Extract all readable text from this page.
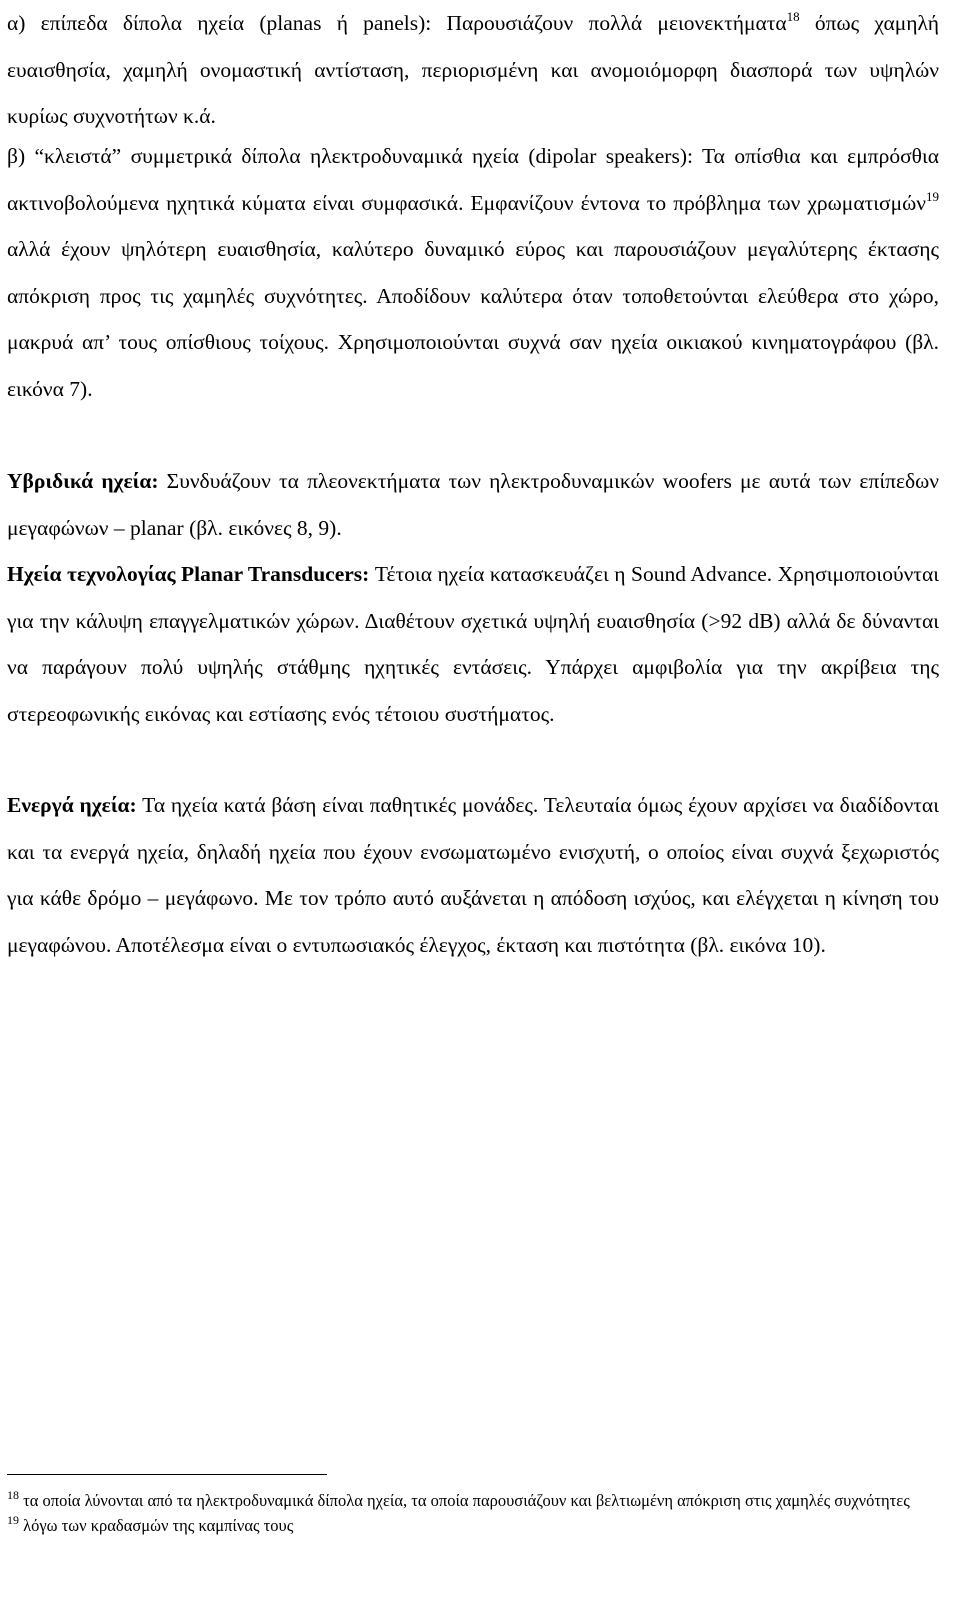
α) επίπεδα δίπολα ηχεία (planas ή panels): Παρουσιάζουν πολλά μειονεκτήματα$^{18}$ όπως χαμηλή ευαισθησία, χαμηλή ονομαστική αντίσταση, περιορισμένη και ανομοιόμορφη διασπορά των υψηλών κυρίως συχνοτήτων κ.ά.

β) “κλειστά” συμμετρικά δίπολα ηλεκτροδυναμικά ηχεία (dipolar speakers): Τα οπίσθια και εμπρόσθια ακτινοβολούμενα ηχητικά κύματα είναι συμφασικά. Εμφανίζουν έντονα το πρόβλημα των χρωματισμών$^{19}$ αλλά έχουν ψηλότερη ευαισθησία, καλύτερο δυναμικό εύρος και παρουσιάζουν μεγαλύτερης έκτασης απόκριση προς τις χαμηλές συχνότητες. Αποδίδουν καλύτερα όταν τοποθετούνται ελεύθερα στο χώρο, μακρυά απ’ τους οπίσθιους τοίχους. Χρησιμοποιούνται συχνά σαν ηχεία οικιακού κινηματογράφου (βλ. εικόνα 7).

Υβριδικά ηχεία: Συνδυάζουν τα πλεονεκτήματα των ηλεκτροδυναμικών woofers με αυτά των επίπεδων μεγαφώνων – planar (βλ. εικόνες 8, 9).

Ηχεία τεχνολογίας Planar Transducers: Τέτοια ηχεία κατασκευάζει η Sound Advance. Χρησιμοποιούνται για την κάλυψη επαγγελματικών χώρων. Διαθέτουν σχετικά υψηλή ευαισθησία (>92 dB) αλλά δε δύνανται να παράγουν πολύ υψηλής στάθμης ηχητικές εντάσεις. Υπάρχει αμφιβολία για την ακρίβεια της στερεοφωνικής εικόνας και εστίασης ενός τέτοιου συστήματος.

Ενεργά ηχεία: Τα ηχεία κατά βάση είναι παθητικές μονάδες. Τελευταία όμως έχουν αρχίσει να διαδίδονται και τα ενεργά ηχεία, δηλαδή ηχεία που έχουν ενσωματωμένο ενισχυτή, ο οποίος είναι συχνά ξεχωριστός για κάθε δρόμο – μεγάφωνο. Με τον τρόπο αυτό αυξάνεται η απόδοση ισχύος, και ελέγχεται η κίνηση του μεγαφώνου. Αποτέλεσμα είναι ο εντυπωσιακός έλεγχος, έκταση και πιστότητα (βλ. εικόνα 10).

$^{18}$ τα οποία λύνονται από τα ηλεκτροδυναμικά δίπολα ηχεία, τα οποία παρουσιάζουν και βελτιωμένη απόκριση στις χαμηλές συχνότητες

$^{19}$ λόγω των κραδασμών της καμπίνας τους
